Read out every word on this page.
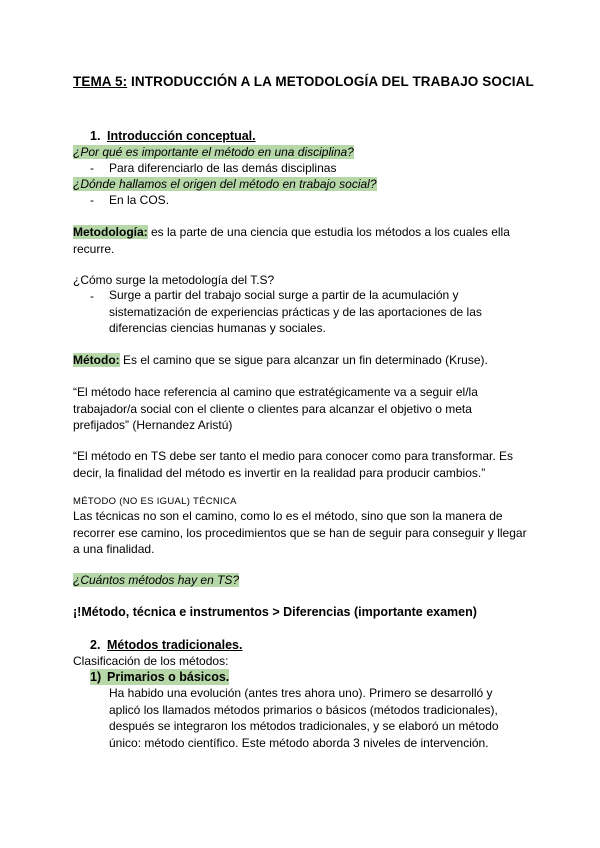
TEMA 5: INTRODUCCIÓN A LA METODOLOGÍA DEL TRABAJO SOCIAL
1. Introducción conceptual.
¿Por qué es importante el método en una disciplina?
- Para diferenciarlo de las demás disciplinas
¿Dónde hallamos el origen del método en trabajo social?
- En la COS.
Metodología: es la parte de una ciencia que estudia los métodos a los cuales ella recurre.
¿Cómo surge la metodología del T.S?
- Surge a partir del trabajo social surge a partir de la acumulación y sistematización de experiencias prácticas y de las aportaciones de las diferencias ciencias humanas y sociales.
Método: Es el camino que se sigue para alcanzar un fin determinado (Kruse).
“El método hace referencia al camino que estratégicamente va a seguir el/la trabajador/a social con el cliente o clientes para alcanzar el objetivo o meta prefijados” (Hernandez Aristú)
“El método en TS debe ser tanto el medio para conocer como para transformar. Es decir, la finalidad del método es invertir en la realidad para producir cambios.”
MÉTODO (NO ES IGUAL) TÉCNICA
Las técnicas no son el camino, como lo es el método, sino que son la manera de recorrer ese camino, los procedimientos que se han de seguir para conseguir y llegar a una finalidad.
¿Cuántos métodos hay en TS?
¡!Método, técnica e instrumentos > Diferencias (importante examen)
2. Métodos tradicionales.
Clasificación de los métodos:
1) Primarios o básicos.
Ha habido una evolución (antes tres ahora uno). Primero se desarrolló y aplicó los llamados métodos primarios o básicos (métodos tradicionales), después se integraron los métodos tradicionales, y se elaboró un método único: método científico. Este método aborda 3 niveles de intervención.
